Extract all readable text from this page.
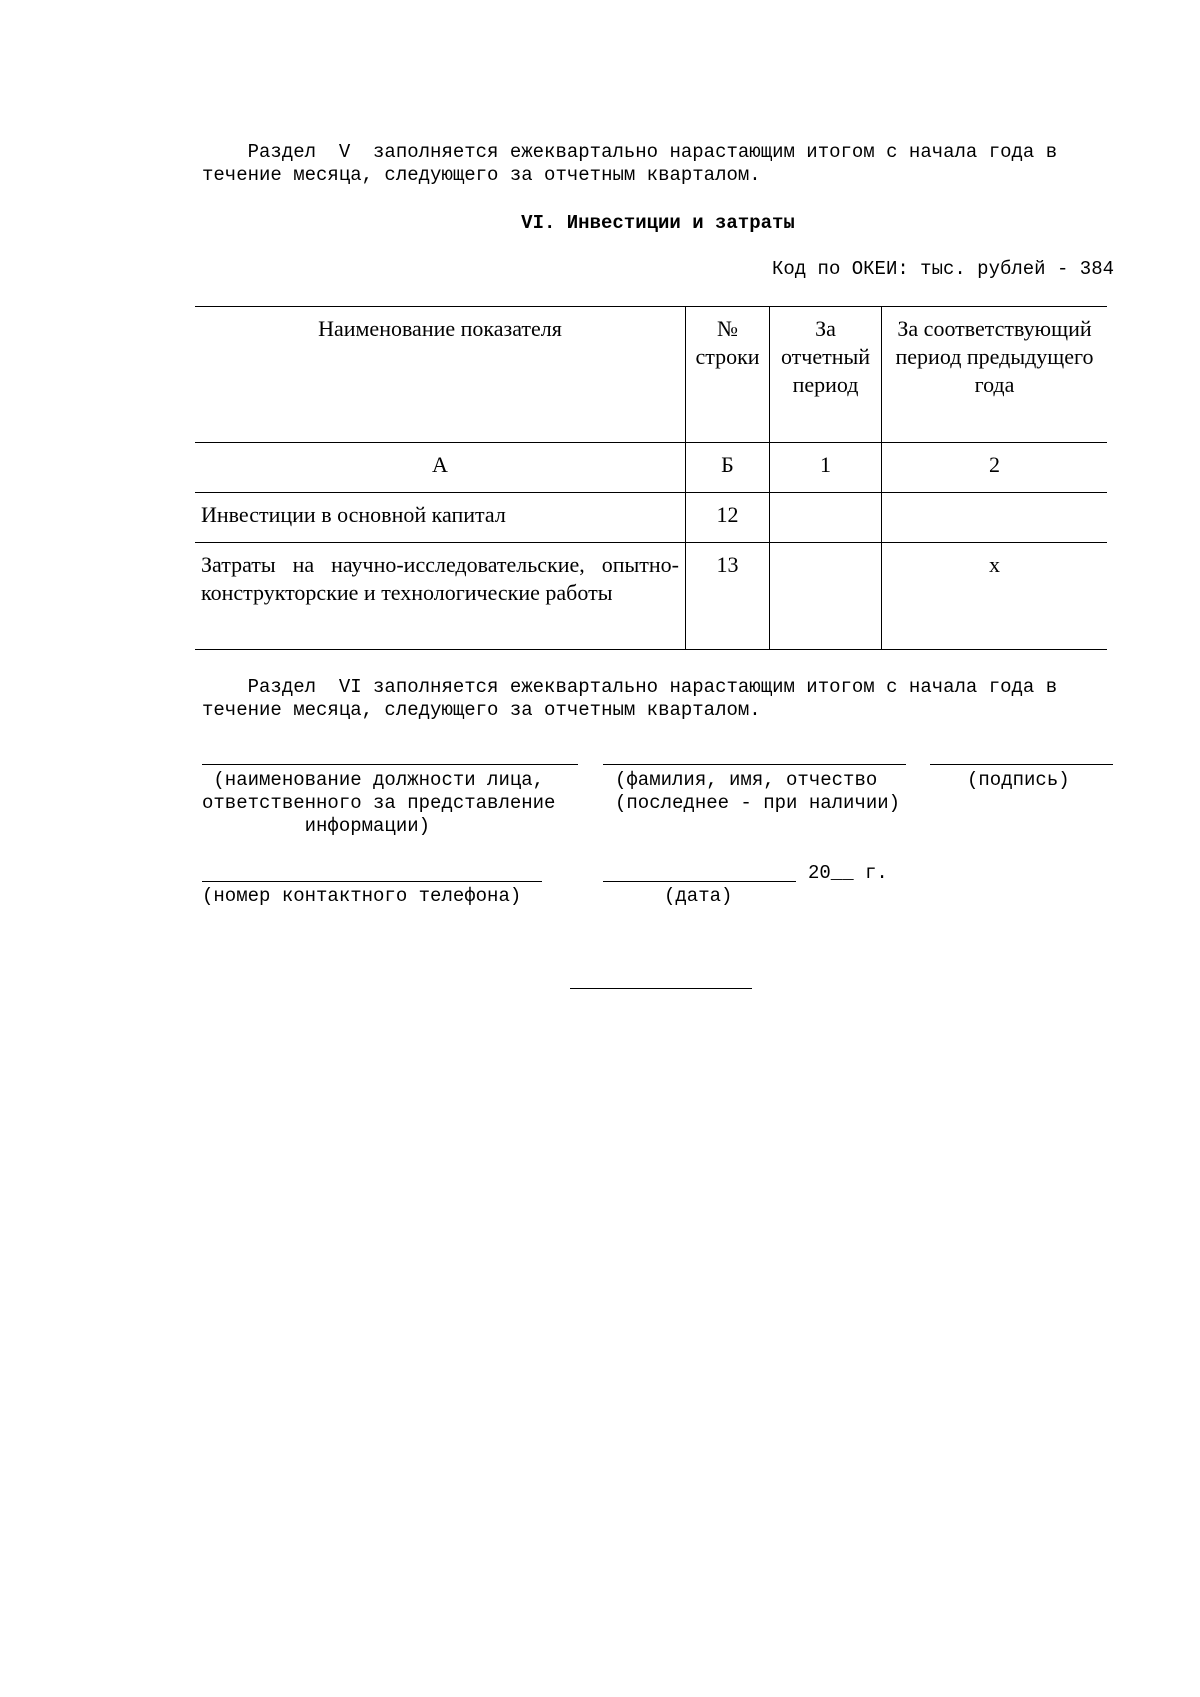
Раздел  V  заполняется ежеквартально нарастающим итогом с начала года в
течение месяца, следующего за отчетным кварталом.
VI. Инвестиции и затраты
Код по ОКЕИ: тыс. рублей - 384
Наименование показателя	№ строки	За отчетный период	За соответствующий период предыдущего года
А	Б	1	2
Инвестиции в основной капитал	12		
Затраты на научно-исследовательские, опытно-конструкторские и технологические работы	13		x
Раздел  VI заполняется ежеквартально нарастающим итогом с начала года в
течение месяца, следующего за отчетным кварталом.
(наименование должности лица,
ответственного за представление
информации)
(фамилия, имя, отчество
(последнее - при наличии)
(подпись)
20__ г.
(номер контактного телефона)	(дата)
